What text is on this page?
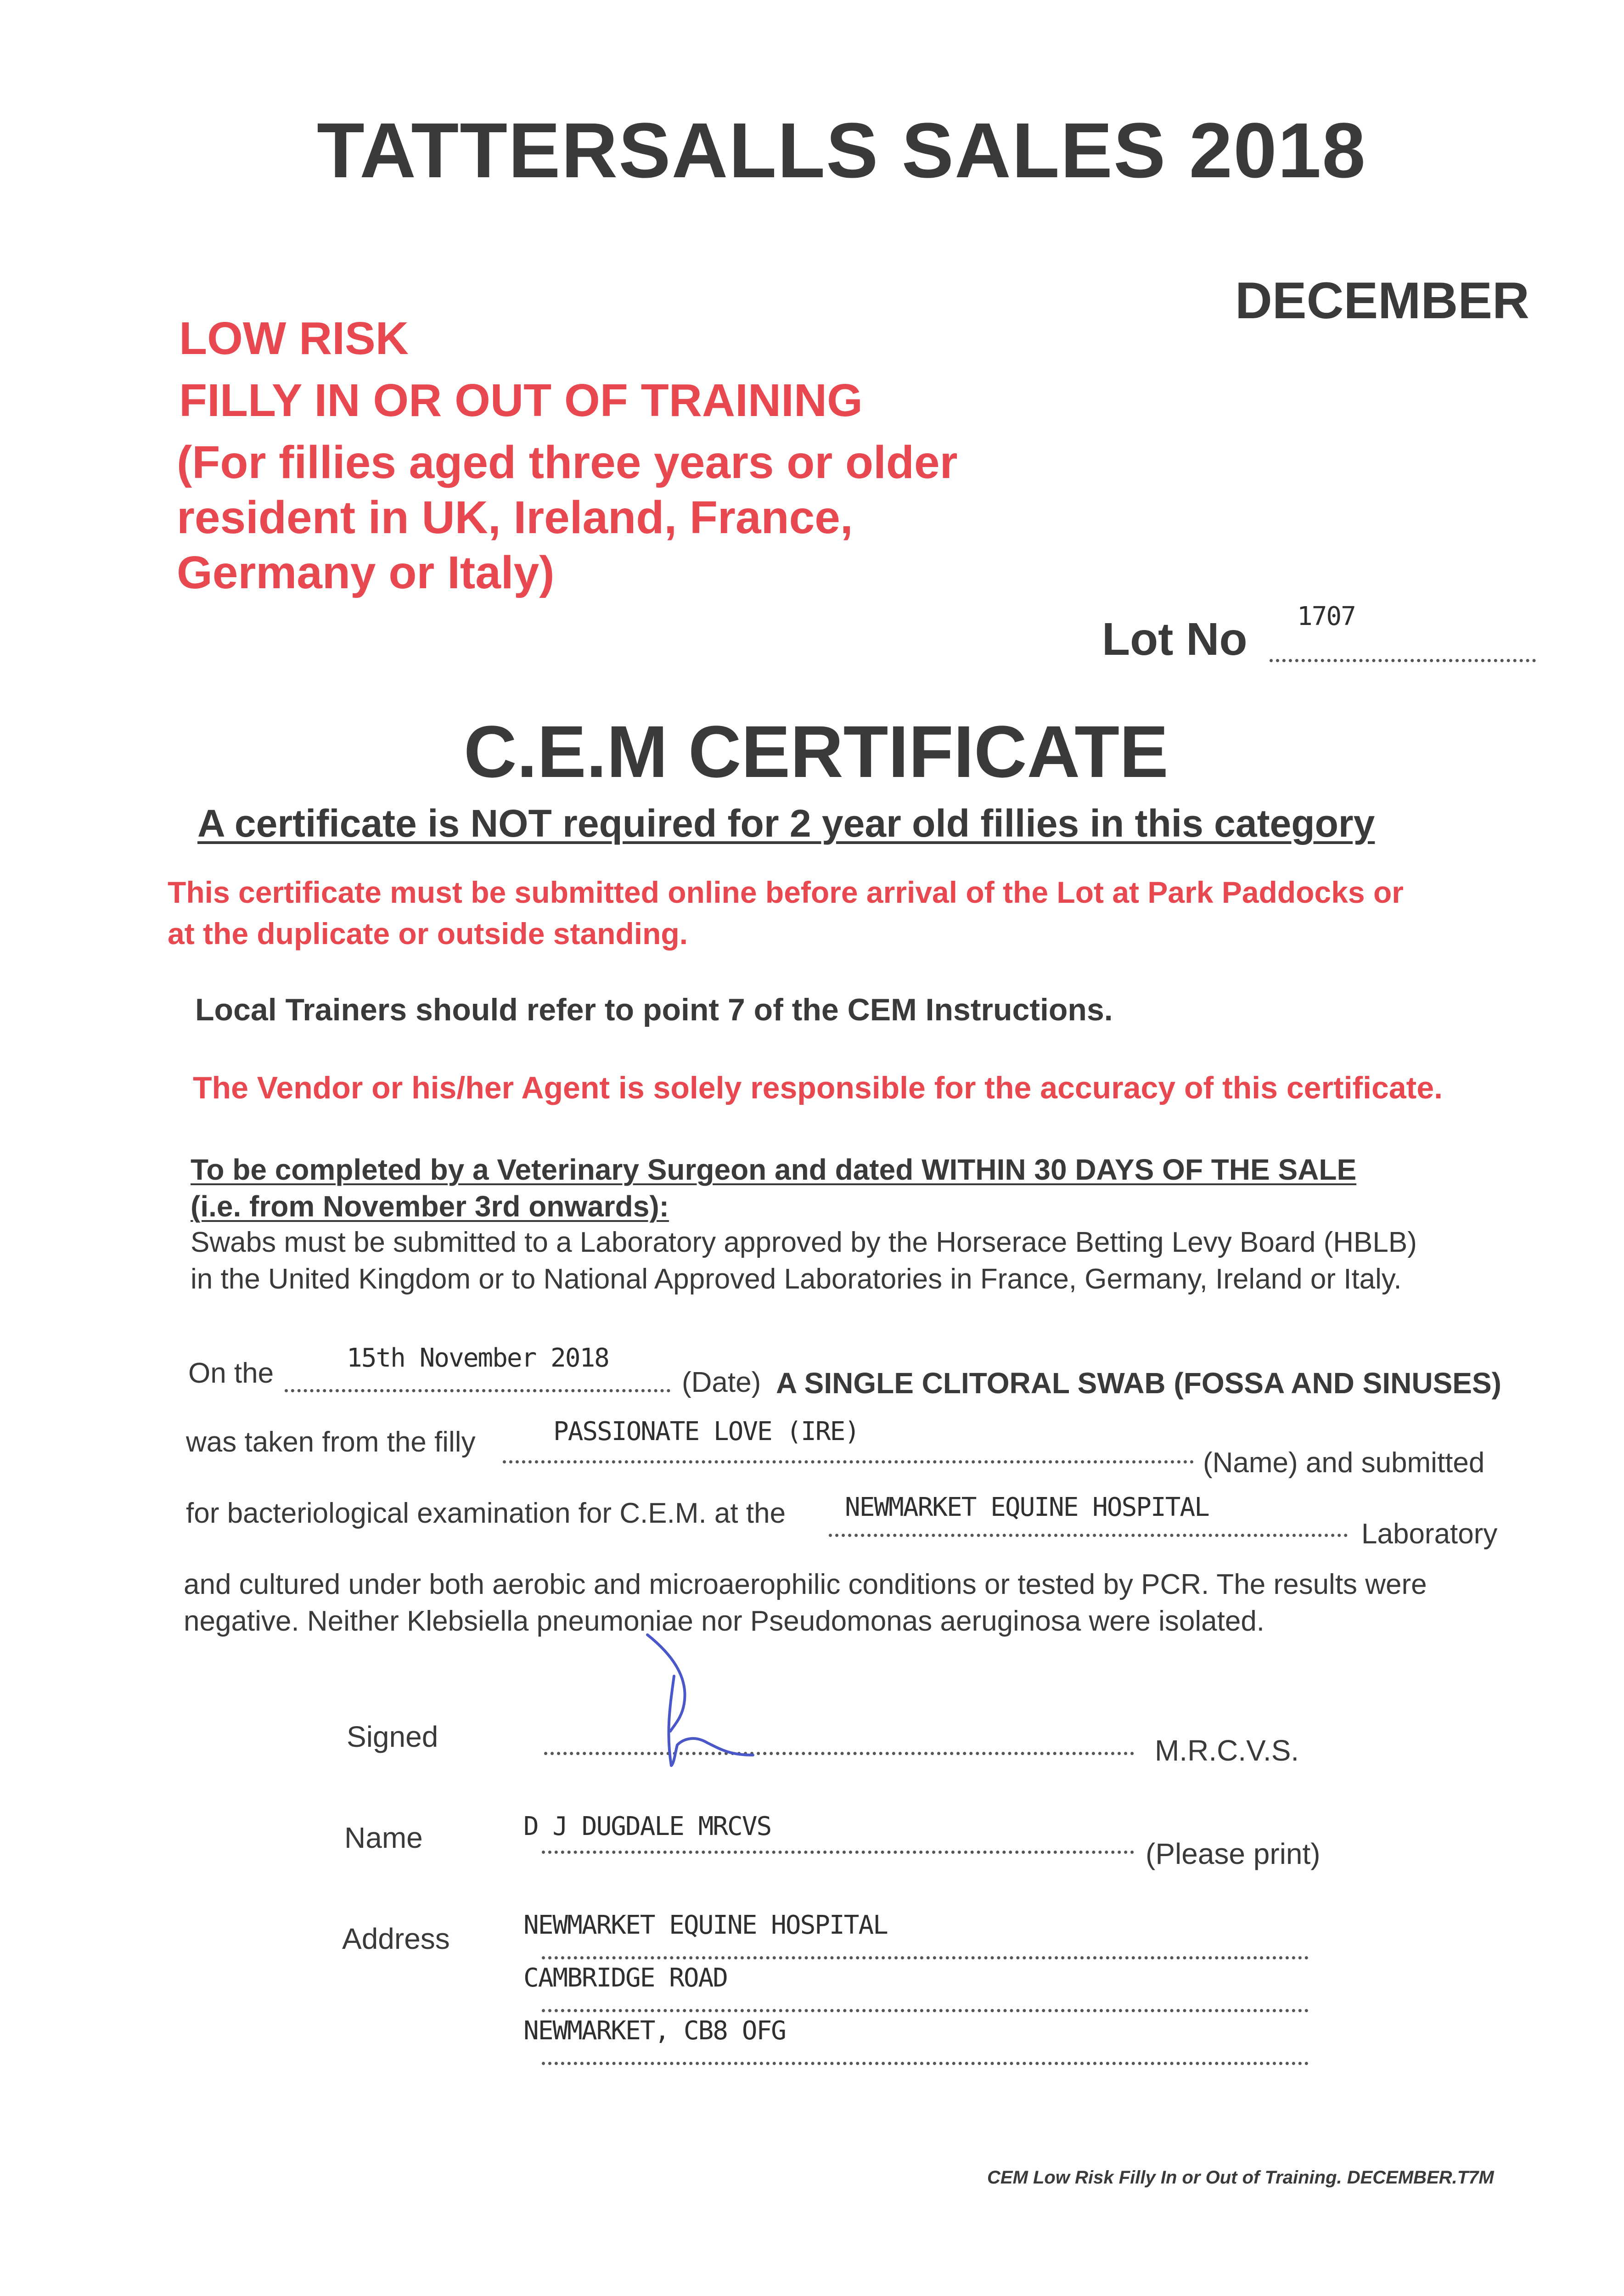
TATTERSALLS SALES 2018
DECEMBER
LOW RISK
FILLY IN OR OUT OF TRAINING
(For fillies aged three years or older
resident in UK, Ireland, France,
Germany or Italy)
Lot No 1707
C.E.M CERTIFICATE
A certificate is NOT required for 2 year old fillies in this category
This certificate must be submitted online before arrival of the Lot at Park Paddocks or
at the duplicate or outside standing.
Local Trainers should refer to point 7 of the CEM Instructions.
The Vendor or his/her Agent is solely responsible for the accuracy of this certificate.
To be completed by a Veterinary Surgeon and dated WITHIN 30 DAYS OF THE SALE
(i.e. from November 3rd onwards):
Swabs must be submitted to a Laboratory approved by the Horserace Betting Levy Board (HBLB)
in the United Kingdom or to National Approved Laboratories in France, Germany, Ireland or Italy.
On the	15th November 2018
(Date) A SINGLE CLITORAL SWAB (FOSSA AND SINUSES)
was taken from the filly	PASSIONATE LOVE (IRE)
(Name) and submitted
for bacteriological examination for C.E.M. at the NEWMARKET EQUINE HOSPITAL
Laboratory
and cultured under both aerobic and microaerophilic conditions or tested by PCR. The results were
negative. Neither Klebsiella pneumoniae nor Pseudomonas aeruginosa were isolated.
Signed	M.R.C.V.S.
Name	D J DUGDALE MRCVS
(Please print)
Address	NEWMARKET EQUINE HOSPITAL
CAMBRIDGE ROAD
NEWMARKET, CB8 OFG
CEM Low Risk Filly In or Out of Training. DECEMBER.T7M
